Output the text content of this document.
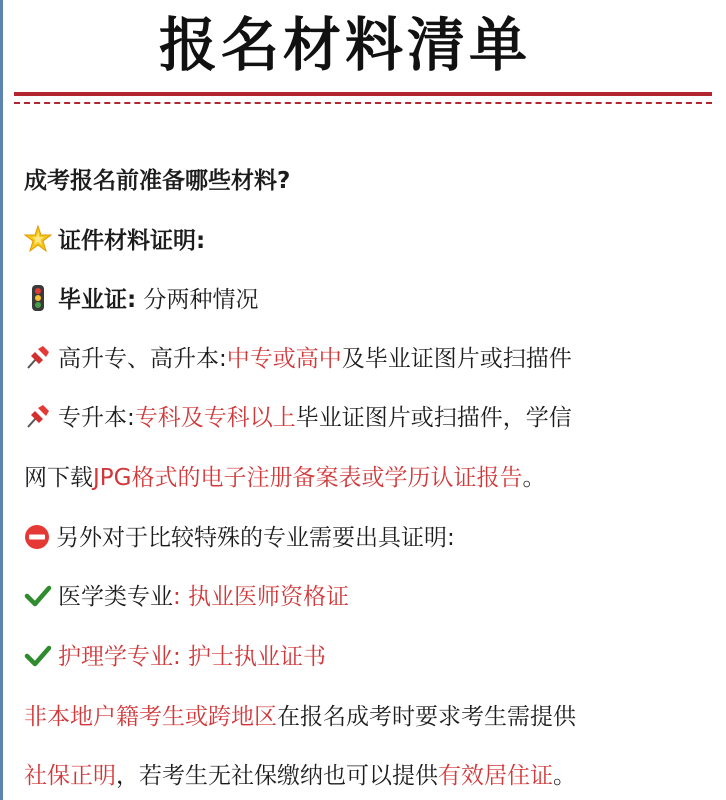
报名材料清单
成考报名前准备哪些材料?
证件材料证明:
毕业证: 分两种情况
高升专、高升本:中专或高中及毕业证图片或扫描件
专升本:专科及专科以上毕业证图片或扫描件，学信
网下载JPG格式的电子注册备案表或学历认证报告。
另外对于比较特殊的专业需要出具证明:
医学类专业: 执业医师资格证
护理学专业: 护士执业证书
非本地户籍考生或跨地区在报名成考时要求考生需提供
社保正明，若考生无社保缴纳也可以提供有效居住证。
